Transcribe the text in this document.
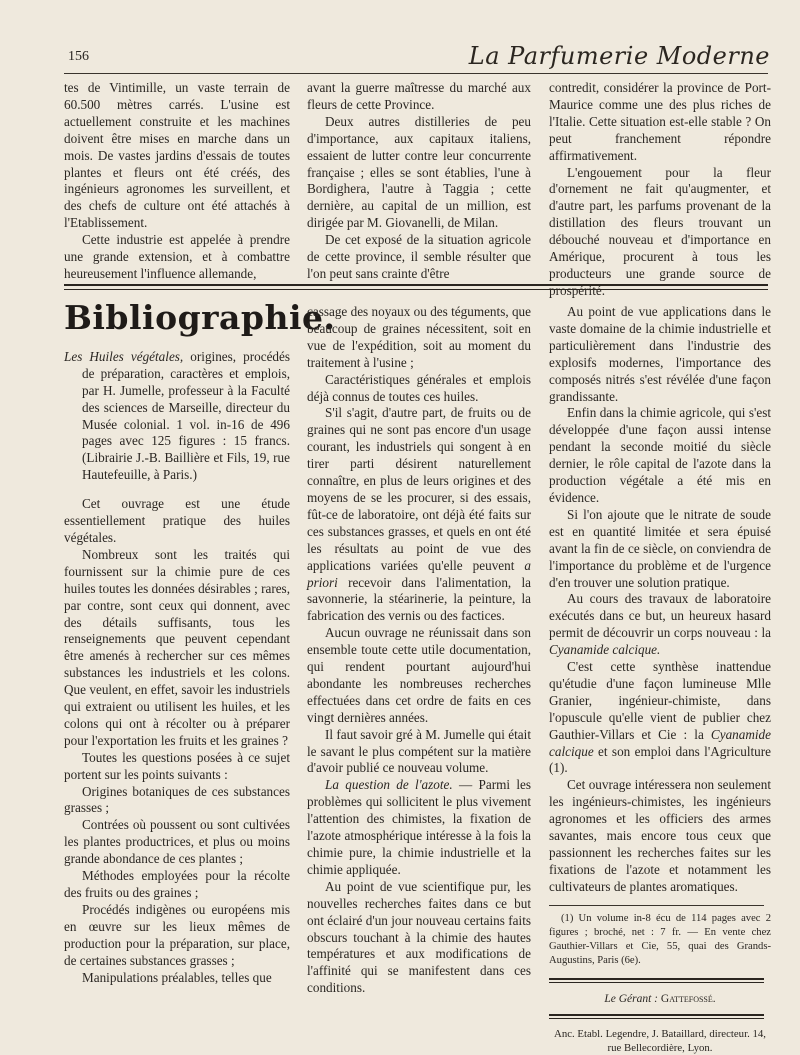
156	La Parfumerie Moderne

tes de Vintimille, un vaste terrain de 60.500 mètres carrés. L'usine est actuellement construite et les machines doivent être mises en marche dans un mois. De vastes jardins d'essais de toutes plantes et fleurs ont été créés, des ingénieurs agronomes les surveillent, et des chefs de culture ont été attachés à l'Etablissement.

Cette industrie est appelée à prendre une grande extension, et à combattre heureusement l'influence allemande,

avant la guerre maîtresse du marché aux fleurs de cette Province.

Deux autres distilleries de peu d'importance, aux capitaux italiens, essaient de lutter contre leur concurrente française ; elles se sont établies, l'une à Bordighera, l'autre à Taggia ; cette dernière, au capital de un million, est dirigée par M. Giovanelli, de Milan.

De cet exposé de la situation agricole de cette province, il semble résulter que l'on peut sans crainte d'être

contredit, considérer la province de Port-Maurice comme une des plus riches de l'Italie. Cette situation est-elle stable ? On peut franchement répondre affirmativement.

L'engouement pour la fleur d'ornement ne fait qu'augmenter, et d'autre part, les parfums provenant de la distillation des fleurs trouvant un débouché nouveau et d'importance en Amérique, procurent à tous les producteurs une grande source de prospérité.

Bibliographie.

Les Huiles végétales, origines, procédés de préparation, caractères et emplois, par H. Jumelle, professeur à la Faculté des sciences de Marseille, directeur du Musée colonial. 1 vol. in-16 de 496 pages avec 125 figures : 15 francs. (Librairie J.-B. Baillière et Fils, 19, rue Hautefeuille, à Paris.)

Cet ouvrage est une étude essentiellement pratique des huiles végétales.

Nombreux sont les traités qui fournissent sur la chimie pure de ces huiles toutes les données désirables ; rares, par contre, sont ceux qui donnent, avec des détails suffisants, tous les renseignements que peuvent cependant être amenés à rechercher sur ces mêmes substances les industriels et les colons. Que veulent, en effet, savoir les industriels qui extraient ou utilisent les huiles, et les colons qui ont à récolter ou à préparer pour l'exportation les fruits et les graines ?

Toutes les questions posées à ce sujet portent sur les points suivants :

Origines botaniques de ces substances grasses ;

Contrées où poussent ou sont cultivées les plantes productrices, et plus ou moins grande abondance de ces plantes ;

Méthodes employées pour la récolte des fruits ou des graines ;

Procédés indigènes ou européens mis en œuvre sur les lieux mêmes de production pour la préparation, sur place, de certaines substances grasses ;

Manipulations préalables, telles que

cassage des noyaux ou des téguments, que beaucoup de graines nécessitent, soit en vue de l'expédition, soit au moment du traitement à l'usine ;

Caractéristiques générales et emplois déjà connus de toutes ces huiles.

S'il s'agit, d'autre part, de fruits ou de graines qui ne sont pas encore d'un usage courant, les industriels qui songent à en tirer parti désirent naturellement connaître, en plus de leurs origines et des moyens de se les procurer, si des essais, fût-ce de laboratoire, ont déjà été faits sur ces substances grasses, et quels en ont été les résultats au point de vue des applications variées qu'elle peuvent a priori recevoir dans l'alimentation, la savonnerie, la stéarinerie, la peinture, la fabrication des vernis ou des factices.

Aucun ouvrage ne réunissait dans son ensemble toute cette utile documentation, qui rendent pourtant aujourd'hui abondante les nombreuses recherches effectuées dans cet ordre de faits en ces vingt dernières années.

Il faut savoir gré à M. Jumelle qui était le savant le plus compétent sur la matière d'avoir publié ce nouveau volume.

La question de l'azote. — Parmi les problèmes qui sollicitent le plus vivement l'attention des chimistes, la fixation de l'azote atmosphérique intéresse à la fois la chimie pure, la chimie industrielle et la chimie appliquée.

Au point de vue scientifique pur, les nouvelles recherches faites dans ce but ont éclairé d'un jour nouveau certains faits obscurs touchant à la chimie des hautes températures et aux modifications de l'affinité qui se manifestent dans ces conditions.

Au point de vue applications dans le vaste domaine de la chimie industrielle et particulièrement dans l'industrie des explosifs modernes, l'importance des composés nitrés s'est révélée d'une façon grandissante.

Enfin dans la chimie agricole, qui s'est développée d'une façon aussi intense pendant la seconde moitié du siècle dernier, le rôle capital de l'azote dans la production végétale a été mis en évidence.

Si l'on ajoute que le nitrate de soude est en quantité limitée et sera épuisé avant la fin de ce siècle, on conviendra de l'importance du problème et de l'urgence d'en trouver une solution pratique.

Au cours des travaux de laboratoire exécutés dans ce but, un heureux hasard permit de découvrir un corps nouveau : la Cyanamide calcique.

C'est cette synthèse inattendue qu'étudie d'une façon lumineuse Mlle Granier, ingénieur-chimiste, dans l'opuscule qu'elle vient de publier chez Gauthier-Villars et Cie : la Cyanamide calcique et son emploi dans l'Agriculture (1).

Cet ouvrage intéressera non seulement les ingénieurs-chimistes, les ingénieurs agronomes et les officiers des armes savantes, mais encore tous ceux que passionnent les recherches faites sur les fixations de l'azote et notamment les cultivateurs de plantes aromatiques.

(1) Un volume in-8 écu de 114 pages avec 2 figures ; broché, net : 7 fr. — En vente chez Gauthier-Villars et Cie, 55, quai des Grands-Augustins, Paris (6e).

Le Gérant : Gattefossé.

Anc. Etabl. Legendre, J. Bataillard, directeur. 14, rue Bellecordière, Lyon.
